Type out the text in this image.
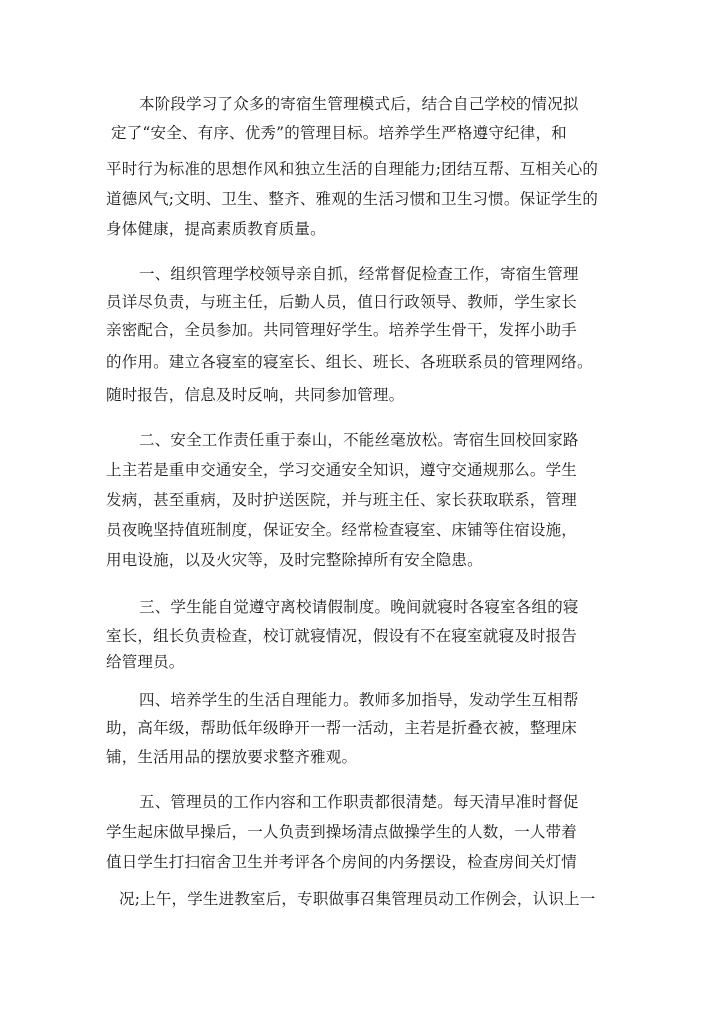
本阶段学习了众多的寄宿生管理模式后，结合自己学校的情况拟
定了“安全、有序、优秀”的管理目标。培养学生严格遵守纪律，和
平时行为标准的思想作风和独立生活的自理能力;团结互帮、互相关心的
道德风气;文明、卫生、整齐、雅观的生活习惯和卫生习惯。保证学生的
身体健康，提高素质教育质量。
一、组织管理学校领导亲自抓，经常督促检查工作，寄宿生管理
员详尽负责，与班主任，后勤人员，值日行政领导、教师，学生家长
亲密配合，全员参加。共同管理好学生。培养学生骨干，发挥小助手
的作用。建立各寝室的寝室长、组长、班长、各班联系员的管理网络。
随时报告，信息及时反响，共同参加管理。
二、安全工作责任重于泰山，不能丝毫放松。寄宿生回校回家路
上主若是重申交通安全，学习交通安全知识，遵守交通规那么。学生
发病，甚至重病，及时护送医院，并与班主任、家长获取联系，管理
员夜晚坚持值班制度，保证安全。经常检查寝室、床铺等住宿设施，
用电设施，以及火灾等，及时完整除掉所有安全隐患。
三、学生能自觉遵守离校请假制度。晚间就寝时各寝室各组的寝
室长，组长负责检查，校订就寝情况，假设有不在寝室就寝及时报告
给管理员。
四、培养学生的生活自理能力。教师多加指导，发动学生互相帮
助，高年级，帮助低年级睁开一帮一活动，主若是折叠衣被，整理床
铺，生活用品的摆放要求整齐雅观。
五、管理员的工作内容和工作职责都很清楚。每天清早准时督促
学生起床做早操后，一人负责到操场清点做操学生的人数，一人带着
值日学生打扫宿舍卫生并考评各个房间的内务摆设，检查房间关灯情
况;上午，学生进教室后，专职做事召集管理员动工作例会，认识上一
